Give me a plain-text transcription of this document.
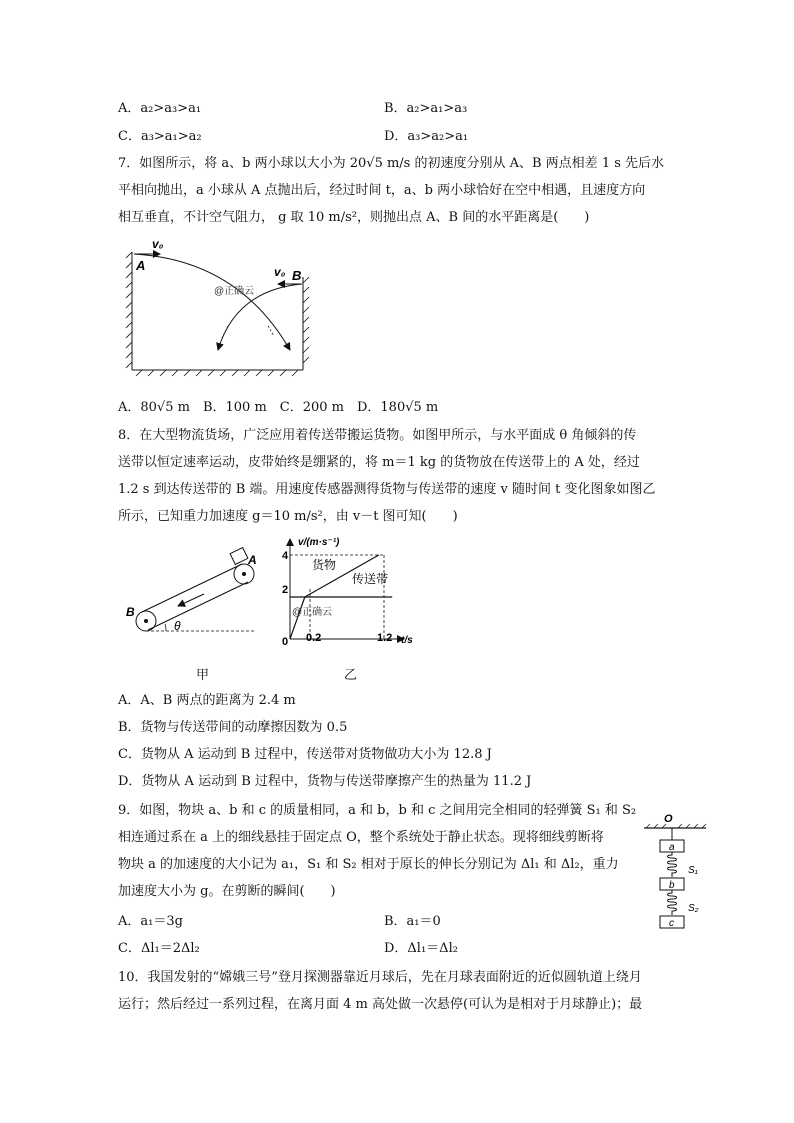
A．a₂>a₃>a₁	B．a₂>a₁>a₃
C．a₃>a₁>a₂	D．a₃>a₂>a₁
7．如图所示，将 a、b 两小球以大小为 20√5 m/s 的初速度分别从 A、B 两点相差 1 s 先后水
平相向抛出，a 小球从 A 点抛出后，经过时间 t，a、b 两小球恰好在空中相遇，且速度方向
相互垂直，不计空气阻力， g 取 10 m/s²，则抛出点 A、B 间的水平距离是(　　)
v₀
v₀
A
B
@正确云
A．80√5 m　B．100 m　C．200 m　D．180√5 m
8．在大型物流货场，广泛应用着传送带搬运货物。如图甲所示，与水平面成 θ 角倾斜的传
送带以恒定速率运动，皮带始终是绷紧的，将 m＝1 kg 的货物放在传送带上的 A 处，经过
1.2 s 到达传送带的 B 端。用速度传感器测得货物与传送带的速度 v 随时间 t 变化图象如图乙
所示，已知重力加速度 g＝10 m/s²，由 v－t 图可知(　　)
θ
A
B
甲
v/(m·s⁻¹)
t/s
0
4
2
0.2	1.2
货物
传送带
@正确云
乙
A．A、B 两点的距离为 2.4 m
B．货物与传送带间的动摩擦因数为 0.5
C．货物从 A 运动到 B 过程中，传送带对货物做功大小为 12.8 J
D．货物从 A 运动到 B 过程中，货物与传送带摩擦产生的热量为 11.2 J
9．如图，物块 a、b 和 c 的质量相同，a 和 b，b 和 c 之间用完全相同的轻弹簧 S₁ 和 S₂
相连通过系在 a 上的细线悬挂于固定点 O，整个系统处于静止状态。现将细线剪断将
物块 a 的加速度的大小记为 a₁，S₁ 和 S₂ 相对于原长的伸长分别记为 Δl₁ 和 Δl₂，重力
加速度大小为 g。在剪断的瞬间(　　)
O
a
S₁
b
S₂
c
A．a₁＝3g	B．a₁＝0
C．Δl₁＝2Δl₂	D．Δl₁＝Δl₂
10．我国发射的“嫦娥三号”登月探测器靠近月球后，先在月球表面附近的近似圆轨道上绕月
运行；然后经过一系列过程，在离月面 4 m 高处做一次悬停(可认为是相对于月球静止)；最
